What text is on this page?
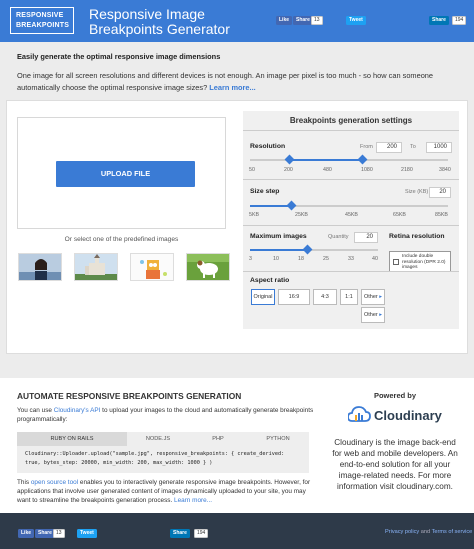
RESPONSIVE
BREAKPOINTS
Responsive Image
Breakpoints Generator
Like	Share 13	Tweet	Share	194
Easily generate the optimal responsive image dimensions
One image for all screen resolutions and different devices is not enough. An image per pixel is too much - so how can someone automatically choose the optimal responsive image sizes? Learn more...
UPLOAD FILE
Or select one of the predefined images
Breakpoints generation settings
Resolution	From	200	To	1000
50	200	480	1080	2180	3840
Size step	Size (KB)	20
5KB	25KB	45KB	65KB	85KB
Maximum images	Quantity	20
3	10	18	25	33	40
Retina resolution
Include double resolution (DPR 2.0) images
Aspect ratio
Original	16:9	4:3	1:1	Other ▸
Other ▸
AUTOMATE RESPONSIVE BREAKPOINTS GENERATION
You can use Cloudinary's API to upload your images to the cloud and automatically generate breakpoints programmatically:
RUBY ON RAILS	NODE.JS	PHP	PYTHON
Cloudinary::Uploader.upload("sample.jpg", responsive_breakpoints: { create_derived:
true, bytes_step: 20000, min_width: 200, max_width: 1000 } )
This open source tool enables you to interactively generate responsive image breakpoints. However, for applications that involve user generated content of images dynamically uploaded to your site, you may want to streamline the breakpoints generation process. Learn more...
Powered by
Cloudinary
Cloudinary is the image back-end for web and mobile developers. An end-to-end solution for all your image-related needs. For more information visit cloudinary.com.
Like	Share 13	Tweet	Share	194	Privacy policy and Terms of service
